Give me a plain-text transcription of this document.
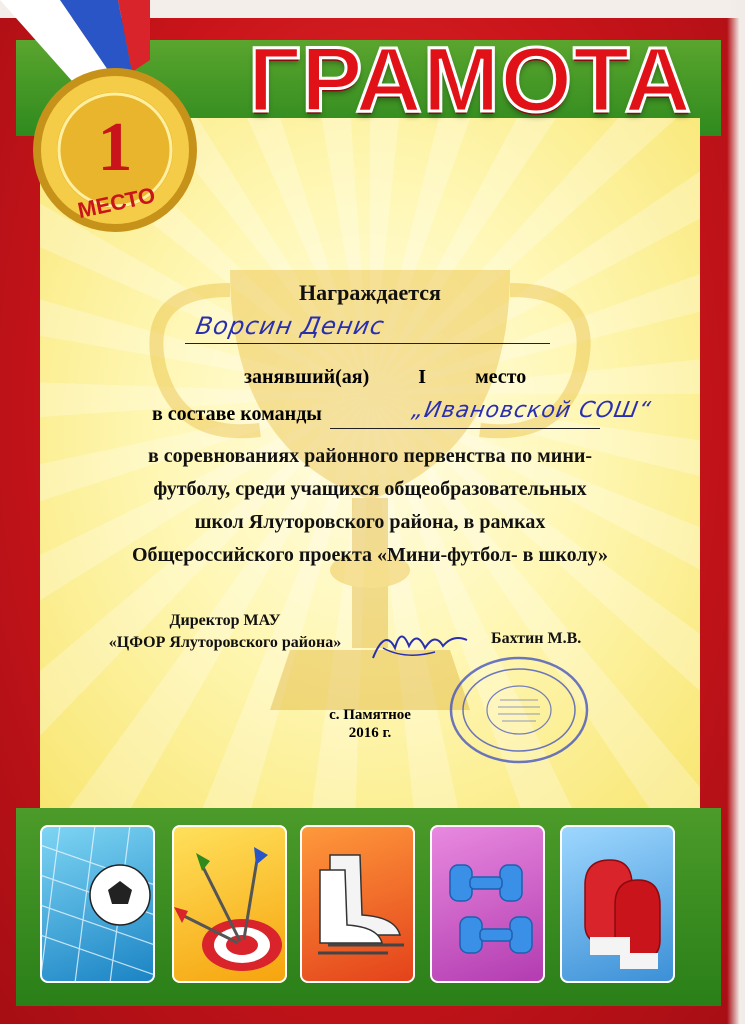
ГРАМОТА
1
МЕСТО
Награждается
Ворсин Денис
занявший(ая) I место
в составе команды	„Ивановской СОШ“
в соревнованиях районного первенства по мини-
футболу, среди учащихся общеобразовательных
школ Ялуторовского района, в рамках
Общероссийского проекта «Мини-футбол- в школу»
Директор МАУ
«ЦФОР Ялуторовского района»	Бахтин М.В.
с. Памятное
2016 г.
